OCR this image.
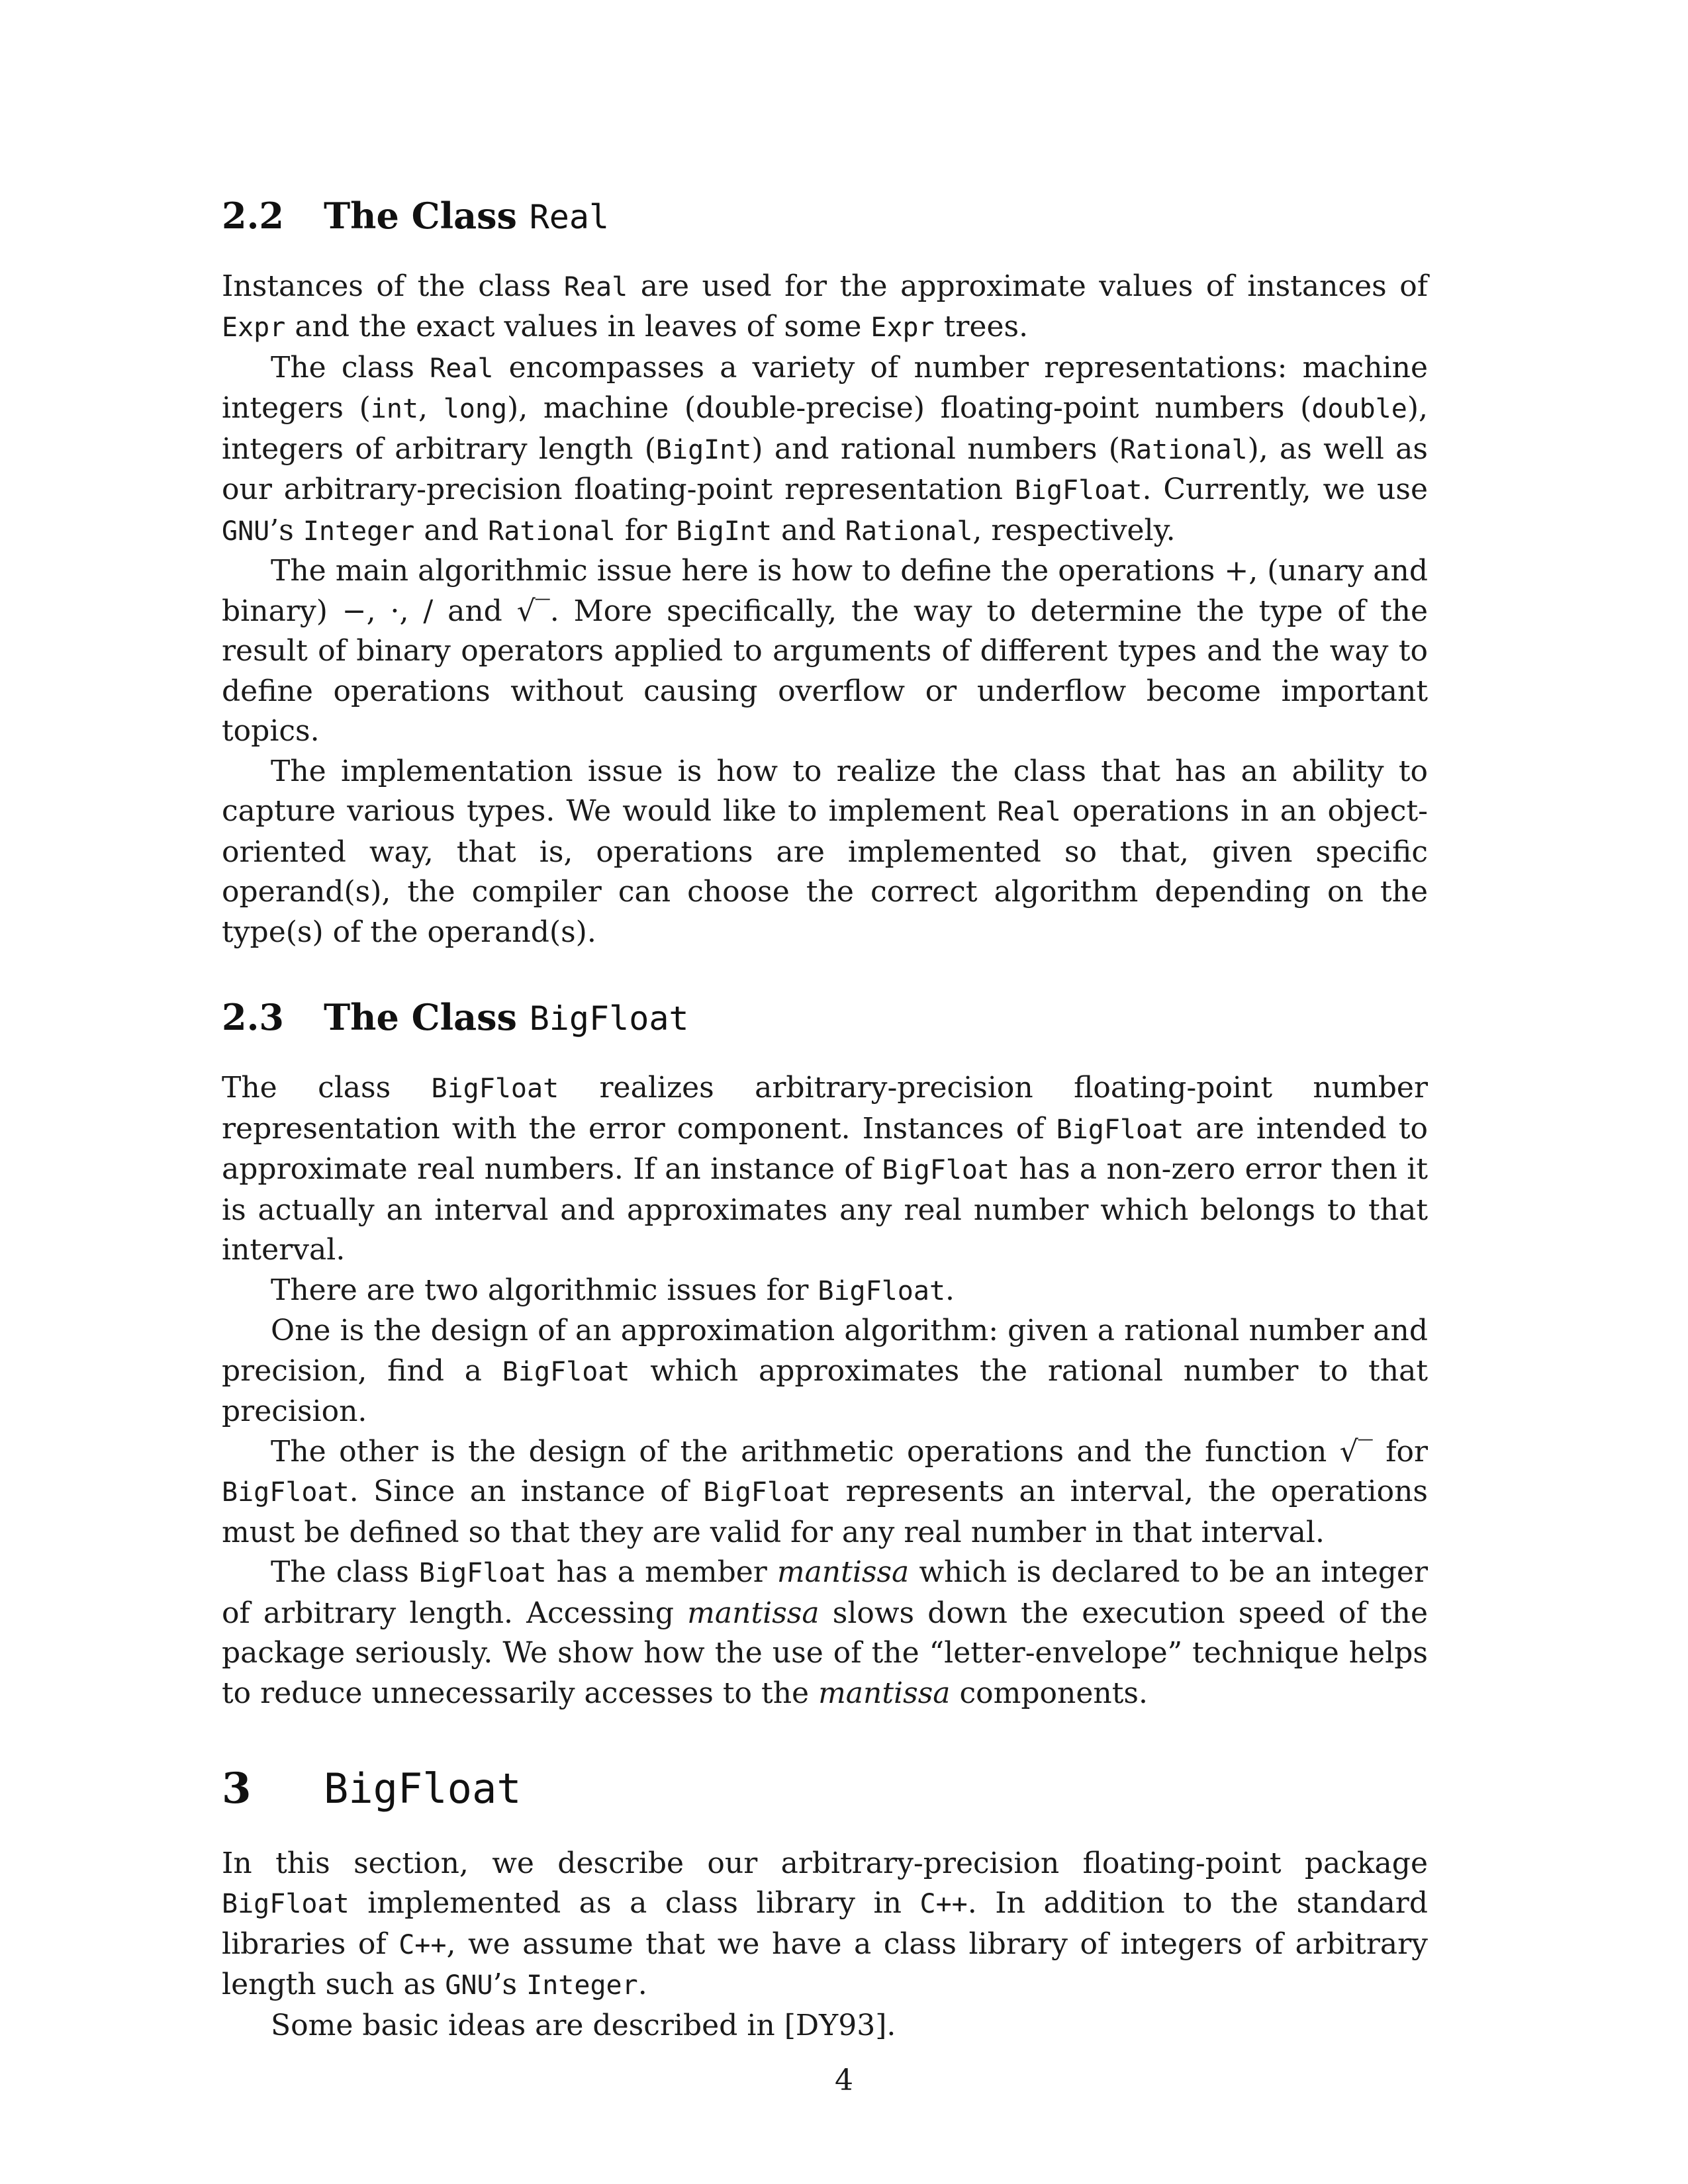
2.2 The Class Real

Instances of the class Real are used for the approximate values of instances of Expr and the exact values in leaves of some Expr trees.

The class Real encompasses a variety of number representations: machine integers (int, long), machine (double-precise) floating-point numbers (double), integers of arbitrary length (BigInt) and rational numbers (Rational), as well as our arbitrary-precision floating-point representation BigFloat. Currently, we use GNU’s Integer and Rational for BigInt and Rational, respectively.

The main algorithmic issue here is how to define the operations +, (unary and binary) −, ·, / and √‾. More specifically, the way to determine the type of the result of binary operators applied to arguments of different types and the way to define operations without causing overflow or underflow become important topics.

The implementation issue is how to realize the class that has an ability to capture various types. We would like to implement Real operations in an object-oriented way, that is, operations are implemented so that, given specific operand(s), the compiler can choose the correct algorithm depending on the type(s) of the operand(s).

2.3 The Class BigFloat

The class BigFloat realizes arbitrary-precision floating-point number representation with the error component. Instances of BigFloat are intended to approximate real numbers. If an instance of BigFloat has a non-zero error then it is actually an interval and approximates any real number which belongs to that interval.

There are two algorithmic issues for BigFloat.

One is the design of an approximation algorithm: given a rational number and precision, find a BigFloat which approximates the rational number to that precision.

The other is the design of the arithmetic operations and the function √‾ for BigFloat. Since an instance of BigFloat represents an interval, the operations must be defined so that they are valid for any real number in that interval.

The class BigFloat has a member mantissa which is declared to be an integer of arbitrary length. Accessing mantissa slows down the execution speed of the package seriously. We show how the use of the “letter-envelope” technique helps to reduce unnecessarily accesses to the mantissa components.

3 BigFloat

In this section, we describe our arbitrary-precision floating-point package BigFloat implemented as a class library in C++. In addition to the standard libraries of C++, we assume that we have a class library of integers of arbitrary length such as GNU’s Integer.

Some basic ideas are described in [DY93].

4
